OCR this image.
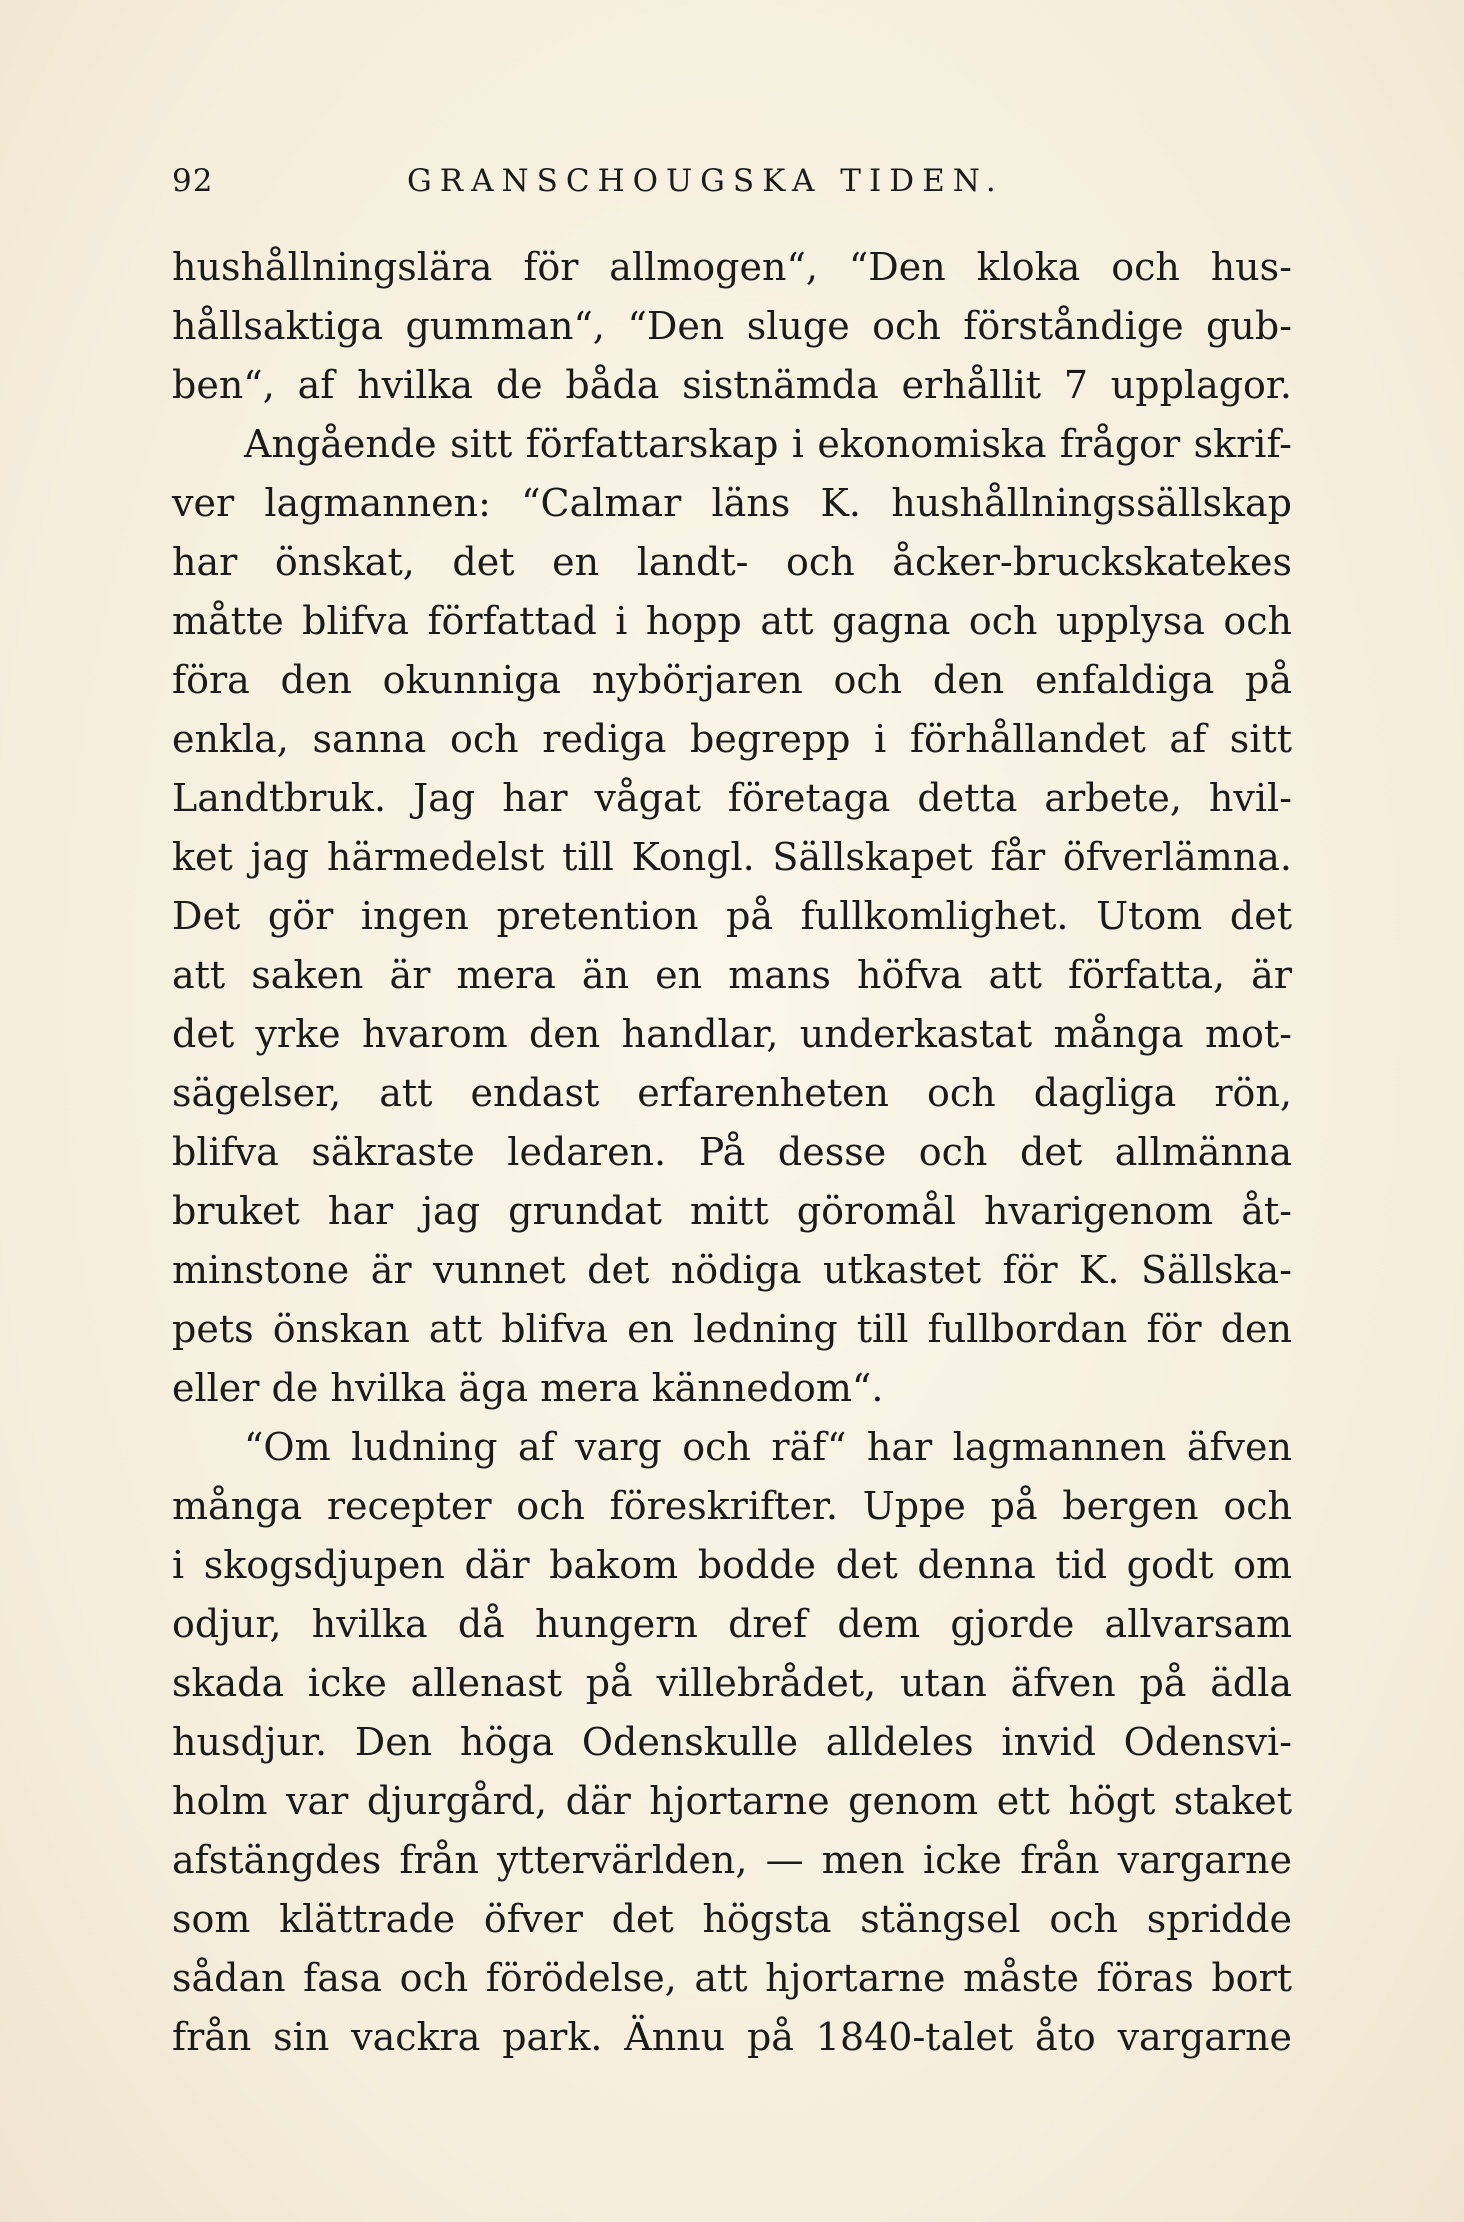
92	GRANSCHOUGSKA TIDEN.
hushållningslära för allmogen“, “Den kloka och hus-
hållsaktiga gumman“, “Den sluge och förståndige gub-
ben“, af hvilka de båda sistnämda erhållit 7 upplagor.
Angående sitt författarskap i ekonomiska frågor skrif-
ver lagmannen: “Calmar läns K. hushållningssällskap
har önskat, det en landt- och åcker-bruckskatekes
måtte blifva författad i hopp att gagna och upplysa och
föra den okunniga nybörjaren och den enfaldiga på
enkla, sanna och rediga begrepp i förhållandet af sitt
Landtbruk. Jag har vågat företaga detta arbete, hvil-
ket jag härmedelst till Kongl. Sällskapet får öfverlämna.
Det gör ingen pretention på fullkomlighet. Utom det
att saken är mera än en mans höfva att författa, är
det yrke hvarom den handlar, underkastat många mot-
sägelser, att endast erfarenheten och dagliga rön,
blifva säkraste ledaren. På desse och det allmänna
bruket har jag grundat mitt göromål hvarigenom åt-
minstone är vunnet det nödiga utkastet för K. Sällska-
pets önskan att blifva en ledning till fullbordan för den
eller de hvilka äga mera kännedom“.
“Om ludning af varg och räf“ har lagmannen äfven
många recepter och föreskrifter. Uppe på bergen och
i skogsdjupen där bakom bodde det denna tid godt om
odjur, hvilka då hungern dref dem gjorde allvarsam
skada icke allenast på villebrådet, utan äfven på ädla
husdjur. Den höga Odenskulle alldeles invid Odensvi-
holm var djurgård, där hjortarne genom ett högt staket
afstängdes från yttervärlden, — men icke från vargarne
som klättrade öfver det högsta stängsel och spridde
sådan fasa och förödelse, att hjortarne måste föras bort
från sin vackra park. Ännu på 1840-talet åto vargarne
